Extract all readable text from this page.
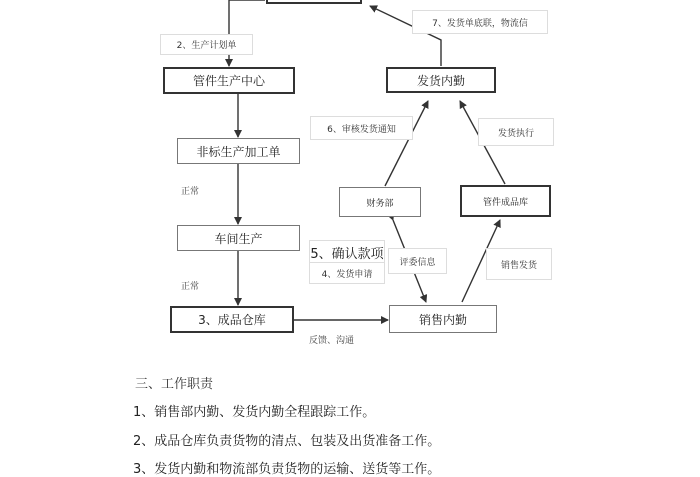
管件生产中心
非标生产加工单
车间生产
3、成品仓库
发货内勤
财务部	管件成品库
销售内勤
2、生产计划单
7、发货单底联，物流信
6、审核发货通知	发货执行
5、确认款项
4、发货申请
评委信息	销售发货
正常
正常
反馈、沟通
三、工作职责
1、销售部内勤、发货内勤全程跟踪工作。
2、成品仓库负责货物的清点、包装及出货准备工作。
3、发货内勤和物流部负责货物的运输、送货等工作。
